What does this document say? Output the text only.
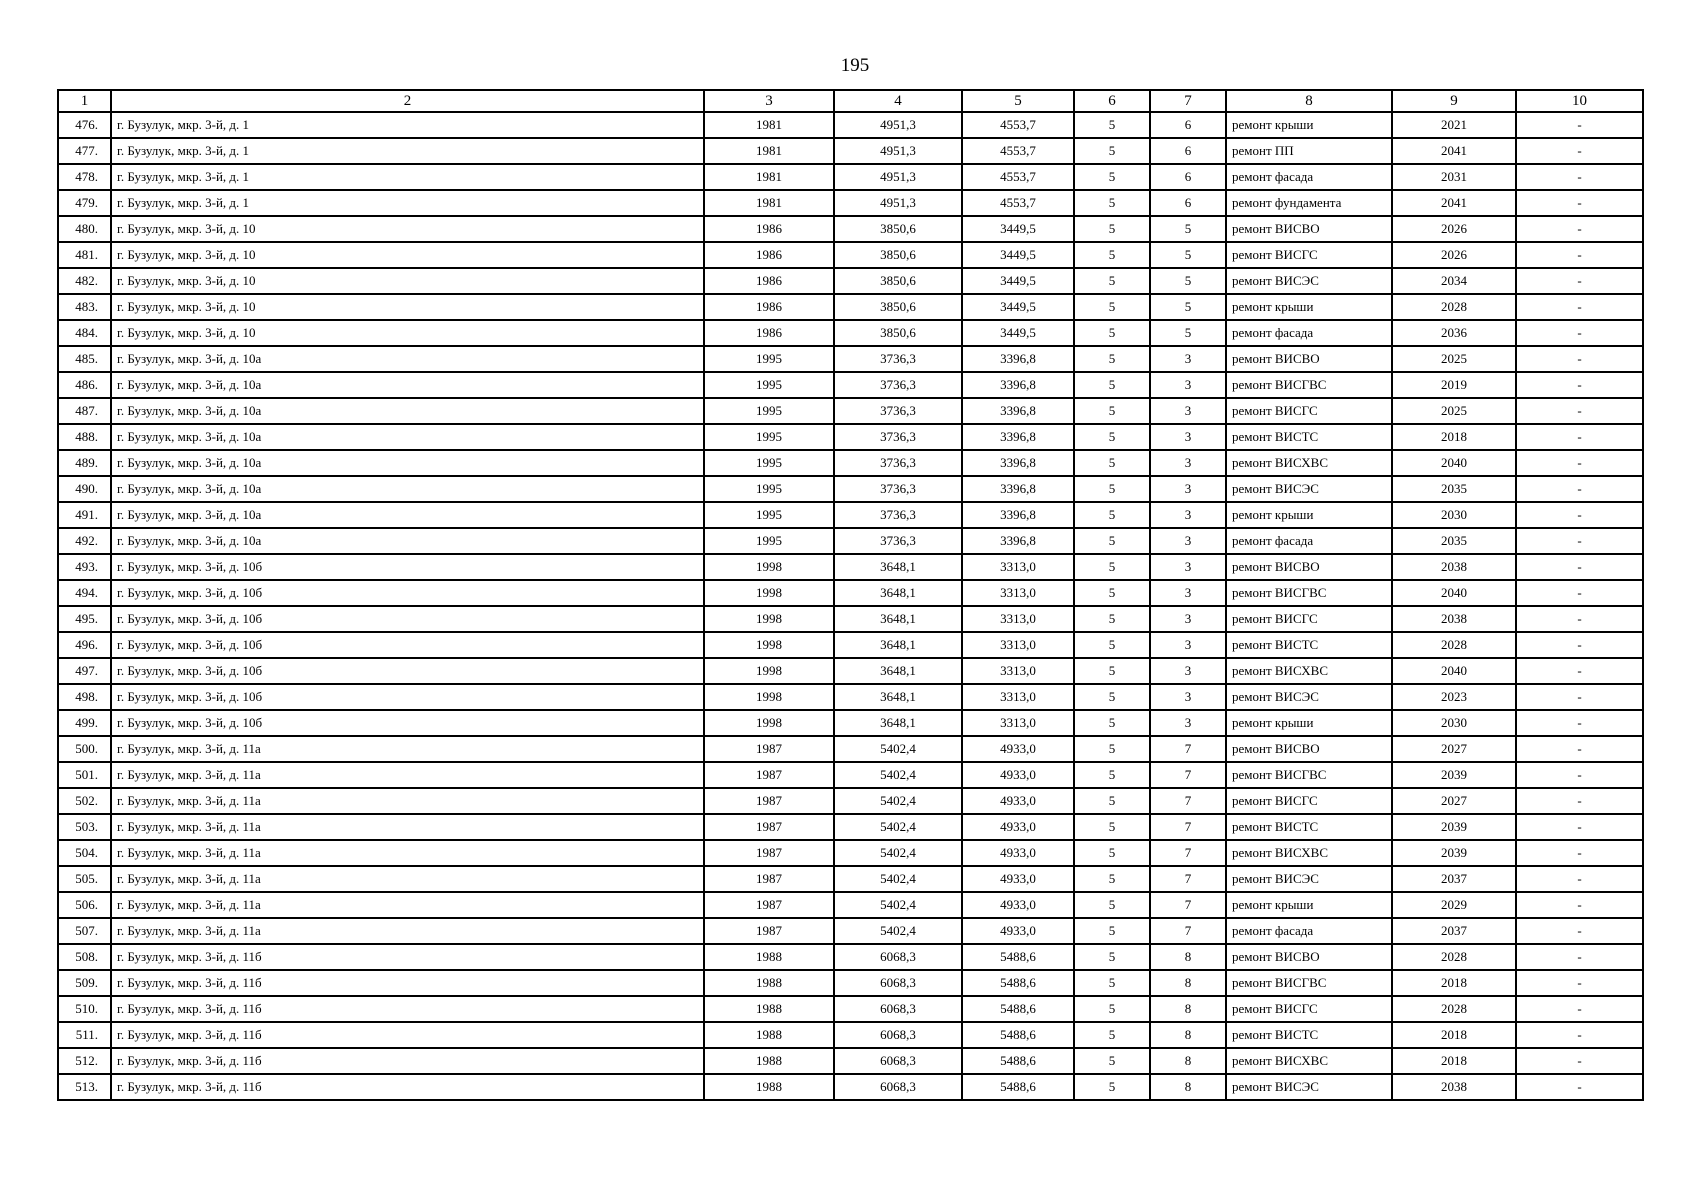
195
1	2	3	4	5	6	7	8	9	10
476.	г. Бузулук, мкр. 3-й, д. 1	1981	4951,3	4553,7	5	6	ремонт крыши	2021	-
477.	г. Бузулук, мкр. 3-й, д. 1	1981	4951,3	4553,7	5	6	ремонт ПП	2041	-
478.	г. Бузулук, мкр. 3-й, д. 1	1981	4951,3	4553,7	5	6	ремонт фасада	2031	-
479.	г. Бузулук, мкр. 3-й, д. 1	1981	4951,3	4553,7	5	6	ремонт фундамента	2041	-
480.	г. Бузулук, мкр. 3-й, д. 10	1986	3850,6	3449,5	5	5	ремонт ВИСВО	2026	-
481.	г. Бузулук, мкр. 3-й, д. 10	1986	3850,6	3449,5	5	5	ремонт ВИСГС	2026	-
482.	г. Бузулук, мкр. 3-й, д. 10	1986	3850,6	3449,5	5	5	ремонт ВИСЭС	2034	-
483.	г. Бузулук, мкр. 3-й, д. 10	1986	3850,6	3449,5	5	5	ремонт крыши	2028	-
484.	г. Бузулук, мкр. 3-й, д. 10	1986	3850,6	3449,5	5	5	ремонт фасада	2036	-
485.	г. Бузулук, мкр. 3-й, д. 10а	1995	3736,3	3396,8	5	3	ремонт ВИСВО	2025	-
486.	г. Бузулук, мкр. 3-й, д. 10а	1995	3736,3	3396,8	5	3	ремонт ВИСГВС	2019	-
487.	г. Бузулук, мкр. 3-й, д. 10а	1995	3736,3	3396,8	5	3	ремонт ВИСГС	2025	-
488.	г. Бузулук, мкр. 3-й, д. 10а	1995	3736,3	3396,8	5	3	ремонт ВИСТС	2018	-
489.	г. Бузулук, мкр. 3-й, д. 10а	1995	3736,3	3396,8	5	3	ремонт ВИСХВС	2040	-
490.	г. Бузулук, мкр. 3-й, д. 10а	1995	3736,3	3396,8	5	3	ремонт ВИСЭС	2035	-
491.	г. Бузулук, мкр. 3-й, д. 10а	1995	3736,3	3396,8	5	3	ремонт крыши	2030	-
492.	г. Бузулук, мкр. 3-й, д. 10а	1995	3736,3	3396,8	5	3	ремонт фасада	2035	-
493.	г. Бузулук, мкр. 3-й, д. 10б	1998	3648,1	3313,0	5	3	ремонт ВИСВО	2038	-
494.	г. Бузулук, мкр. 3-й, д. 10б	1998	3648,1	3313,0	5	3	ремонт ВИСГВС	2040	-
495.	г. Бузулук, мкр. 3-й, д. 10б	1998	3648,1	3313,0	5	3	ремонт ВИСГС	2038	-
496.	г. Бузулук, мкр. 3-й, д. 10б	1998	3648,1	3313,0	5	3	ремонт ВИСТС	2028	-
497.	г. Бузулук, мкр. 3-й, д. 10б	1998	3648,1	3313,0	5	3	ремонт ВИСХВС	2040	-
498.	г. Бузулук, мкр. 3-й, д. 10б	1998	3648,1	3313,0	5	3	ремонт ВИСЭС	2023	-
499.	г. Бузулук, мкр. 3-й, д. 10б	1998	3648,1	3313,0	5	3	ремонт крыши	2030	-
500.	г. Бузулук, мкр. 3-й, д. 11а	1987	5402,4	4933,0	5	7	ремонт ВИСВО	2027	-
501.	г. Бузулук, мкр. 3-й, д. 11а	1987	5402,4	4933,0	5	7	ремонт ВИСГВС	2039	-
502.	г. Бузулук, мкр. 3-й, д. 11а	1987	5402,4	4933,0	5	7	ремонт ВИСГС	2027	-
503.	г. Бузулук, мкр. 3-й, д. 11а	1987	5402,4	4933,0	5	7	ремонт ВИСТС	2039	-
504.	г. Бузулук, мкр. 3-й, д. 11а	1987	5402,4	4933,0	5	7	ремонт ВИСХВС	2039	-
505.	г. Бузулук, мкр. 3-й, д. 11а	1987	5402,4	4933,0	5	7	ремонт ВИСЭС	2037	-
506.	г. Бузулук, мкр. 3-й, д. 11а	1987	5402,4	4933,0	5	7	ремонт крыши	2029	-
507.	г. Бузулук, мкр. 3-й, д. 11а	1987	5402,4	4933,0	5	7	ремонт фасада	2037	-
508.	г. Бузулук, мкр. 3-й, д. 11б	1988	6068,3	5488,6	5	8	ремонт ВИСВО	2028	-
509.	г. Бузулук, мкр. 3-й, д. 11б	1988	6068,3	5488,6	5	8	ремонт ВИСГВС	2018	-
510.	г. Бузулук, мкр. 3-й, д. 11б	1988	6068,3	5488,6	5	8	ремонт ВИСГС	2028	-
511.	г. Бузулук, мкр. 3-й, д. 11б	1988	6068,3	5488,6	5	8	ремонт ВИСТС	2018	-
512.	г. Бузулук, мкр. 3-й, д. 11б	1988	6068,3	5488,6	5	8	ремонт ВИСХВС	2018	-
513.	г. Бузулук, мкр. 3-й, д. 11б	1988	6068,3	5488,6	5	8	ремонт ВИСЭС	2038	-
